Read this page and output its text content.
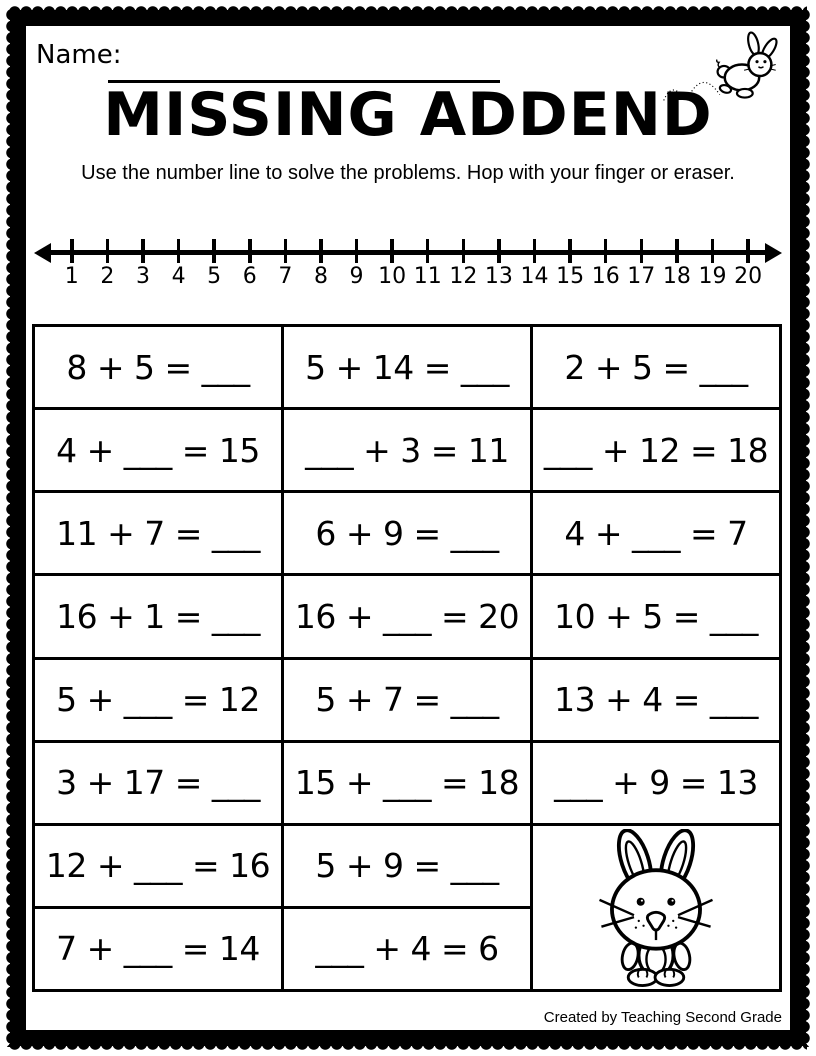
Name:
MISSING ADDEND
Use the number line to solve the problems. Hop with your finger or eraser.
1 2 3 4 5 6 7 8 9 10 11 12 13 14 15 16 17 18 19 20
8 + 5 = ___	5 + 14 = ___	2 + 5 = ___
4 + ___ = 15	___ + 3 = 11	___ + 12 = 18
11 + 7 = ___	6 + 9 = ___	4 + ___ = 7
16 + 1 = ___	16 + ___ = 20	10 + 5 = ___
5 + ___ = 12	5 + 7 = ___	13 + 4 = ___
3 + 17 = ___	15 + ___ = 18	___ + 9 = 13
12 + ___ = 16	5 + 9 = ___	

7 + ___ = 14	___ + 4 = 6	
Created by Teaching Second Grade
